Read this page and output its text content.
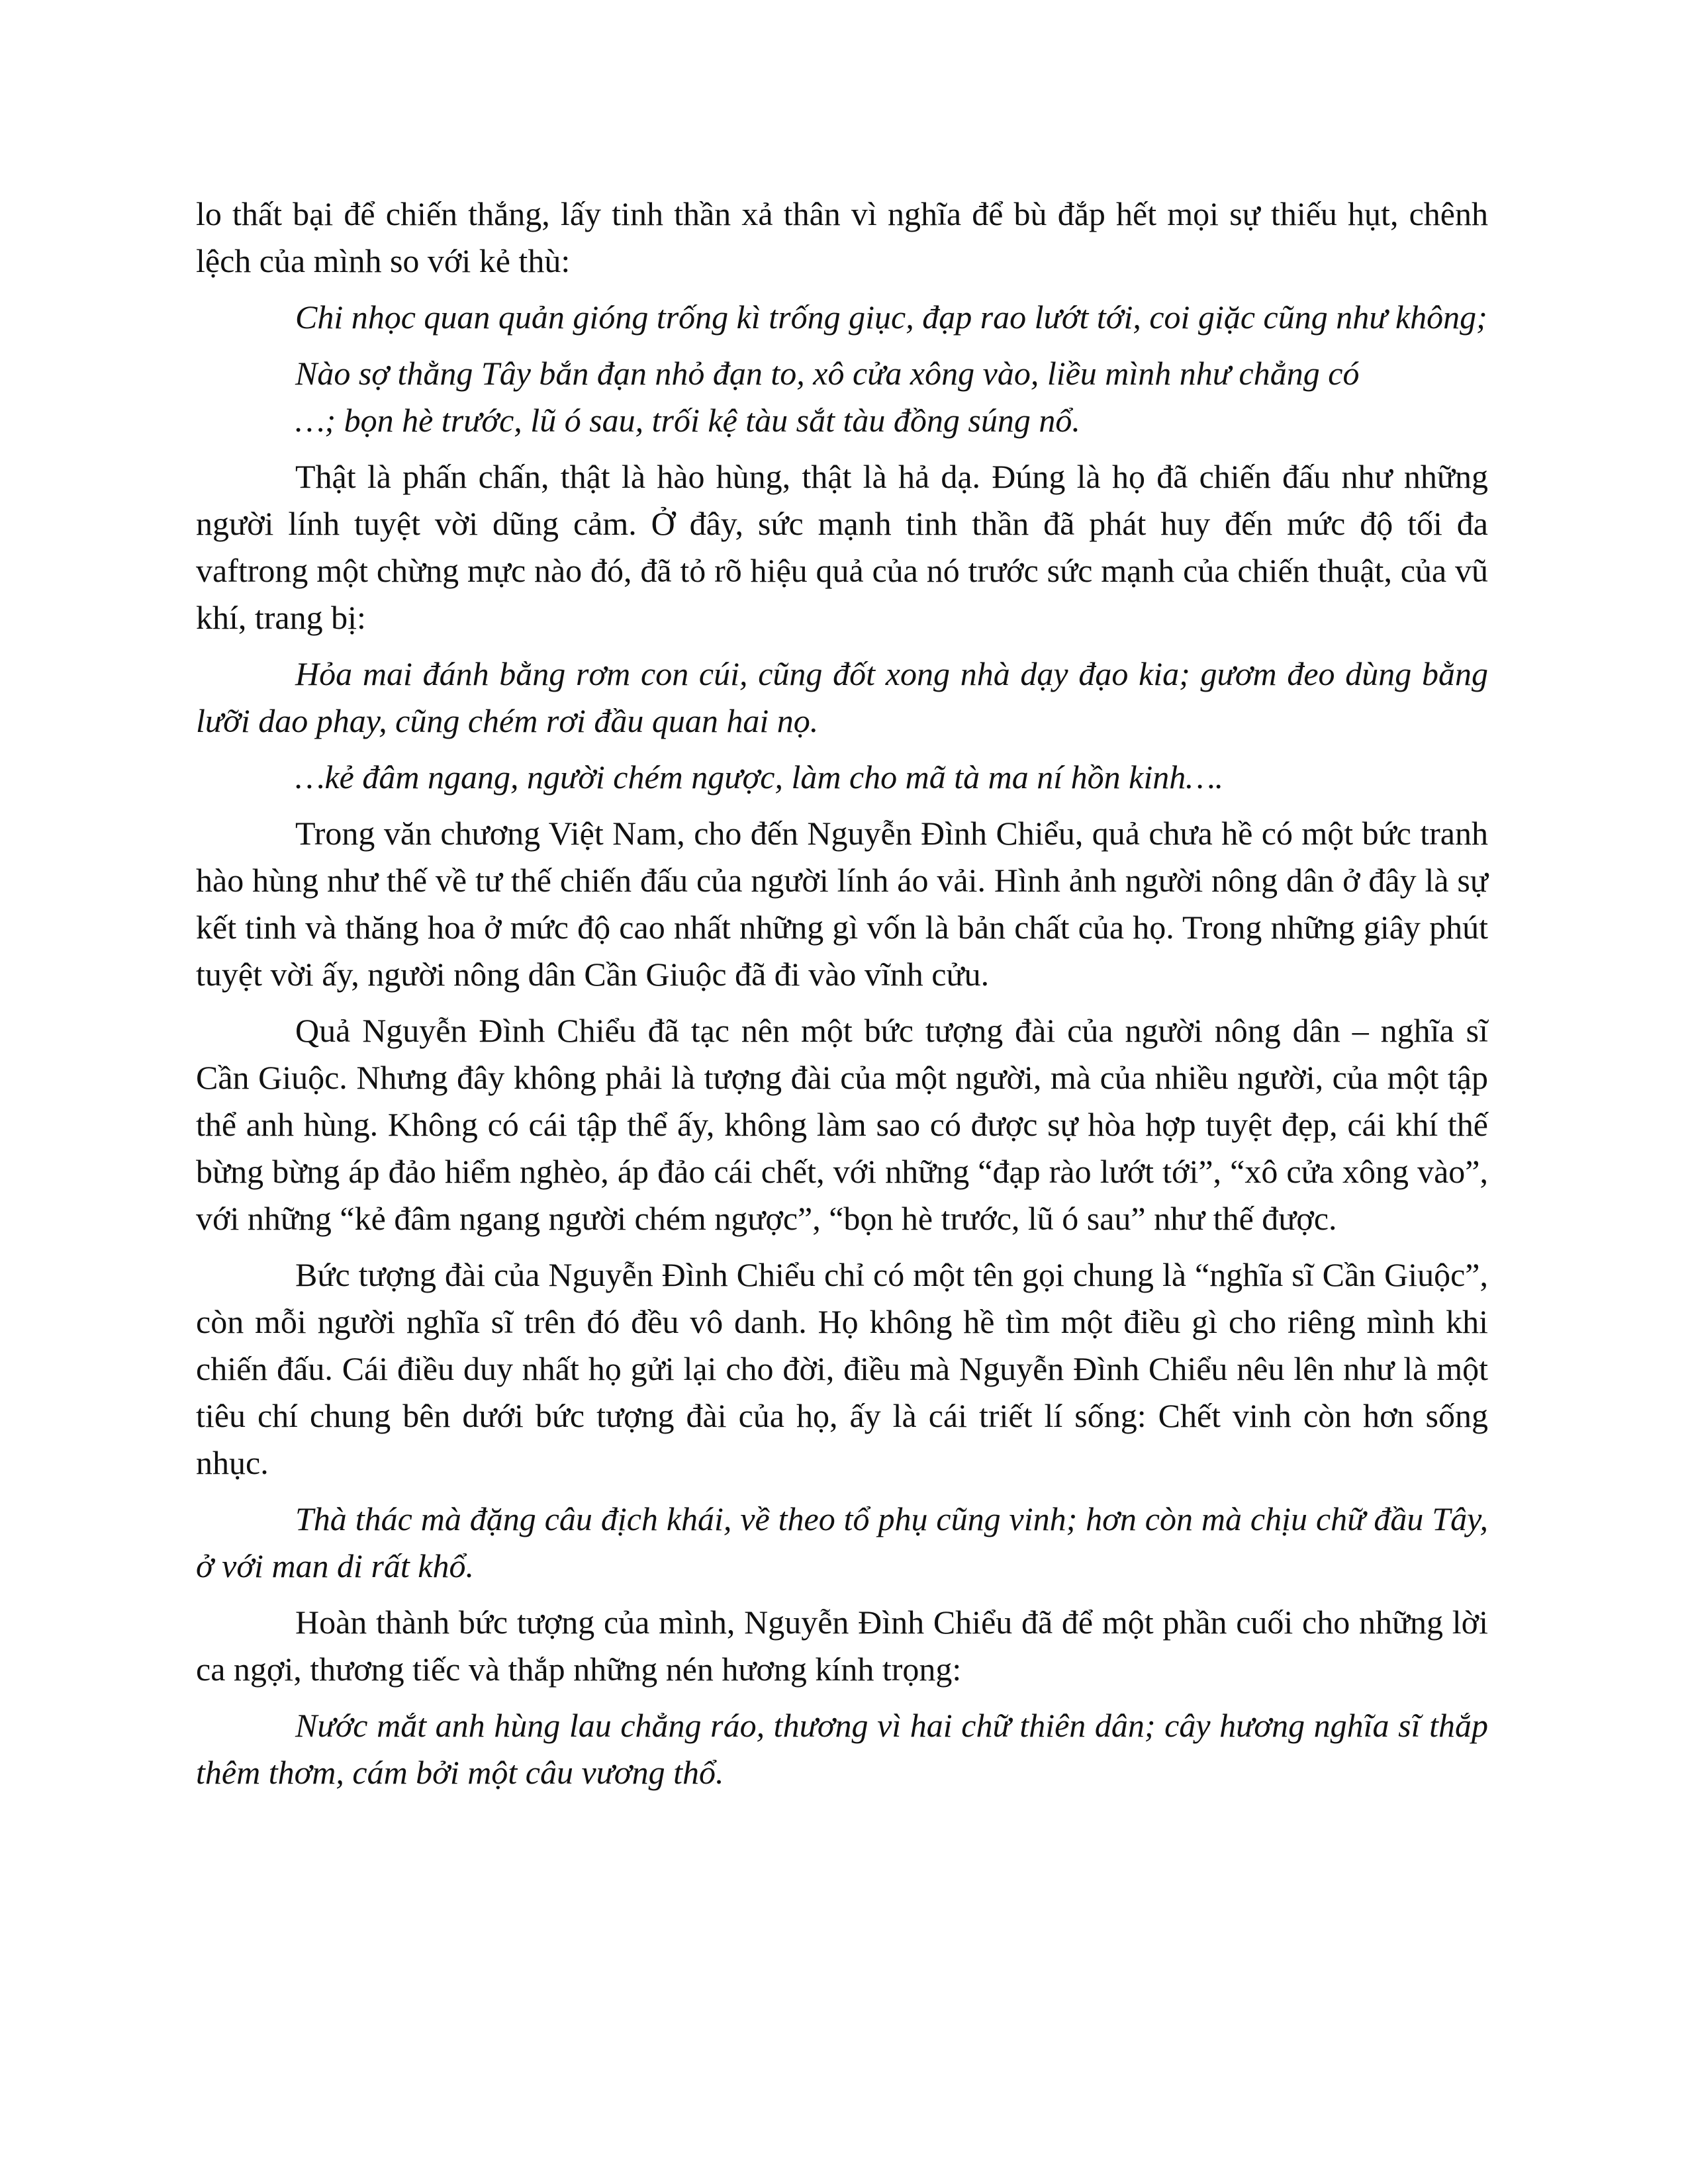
lo thất bại để chiến thắng, lấy tinh thần xả thân vì nghĩa để bù đắp hết mọi sự thiếu hụt, chênh lệch của mình so với kẻ thù:

Chi nhọc quan quản gióng trống kì trống giục, đạp rao lướt tới, coi giặc cũng như không;

Nào sợ thằng Tây bắn đạn nhỏ đạn to, xô cửa xông vào, liều mình như chẳng có

…; bọn hè trước, lũ ó sau, trối kệ tàu sắt tàu đồng súng nổ.

Thật là phấn chấn, thật là hào hùng, thật là hả dạ. Đúng là họ đã chiến đấu như những người lính tuyệt vời dũng cảm. Ở đây, sức mạnh tinh thần đã phát huy đến mức độ tối đa vaftrong một chừng mực nào đó, đã tỏ rõ hiệu quả của nó trước sức mạnh của chiến thuật, của vũ khí, trang bị:

Hỏa mai đánh bằng rơm con cúi, cũng đốt xong nhà dạy đạo kia; gươm đeo dùng bằng lưỡi dao phay, cũng chém rơi đầu quan hai nọ.

…kẻ đâm ngang, người chém ngược, làm cho mã tà ma ní hồn kinh….

Trong văn chương Việt Nam, cho đến Nguyễn Đình Chiểu, quả chưa hề có một bức tranh hào hùng như thế về tư thế chiến đấu của người lính áo vải. Hình ảnh người nông dân ở đây là sự kết tinh và thăng hoa ở mức độ cao nhất những gì vốn là bản chất của họ. Trong những giây phút tuyệt vời ấy, người nông dân Cần Giuộc đã đi vào vĩnh cửu.

Quả Nguyễn Đình Chiểu đã tạc nên một bức tượng đài của người nông dân – nghĩa sĩ Cần Giuộc. Nhưng đây không phải là tượng đài của một người, mà của nhiều người, của một tập thể anh hùng. Không có cái tập thể ấy, không làm sao có được sự hòa hợp tuyệt đẹp, cái khí thế bừng bừng áp đảo hiểm nghèo, áp đảo cái chết, với những “đạp rào lướt tới”, “xô cửa xông vào”, với những “kẻ đâm ngang người chém ngược”, “bọn hè trước, lũ ó sau” như thế được.

Bức tượng đài của Nguyễn Đình Chiểu chỉ có một tên gọi chung là “nghĩa sĩ Cần Giuộc”, còn mỗi người nghĩa sĩ trên đó đều vô danh. Họ không hề tìm một điều gì cho riêng mình khi chiến đấu. Cái điều duy nhất họ gửi lại cho đời, điều mà Nguyễn Đình Chiểu nêu lên như là một tiêu chí chung bên dưới bức tượng đài của họ, ấy là cái triết lí sống: Chết vinh còn hơn sống nhục.

Thà thác mà đặng câu địch khái, về theo tổ phụ cũng vinh; hơn còn mà chịu chữ đầu Tây, ở với man di rất khổ.

Hoàn thành bức tượng của mình, Nguyễn Đình Chiểu đã để một phần cuối cho những lời ca ngợi, thương tiếc và thắp những nén hương kính trọng:

Nước mắt anh hùng lau chẳng ráo, thương vì hai chữ thiên dân; cây hương nghĩa sĩ thắp thêm thơm, cám bởi một câu vương thổ.
